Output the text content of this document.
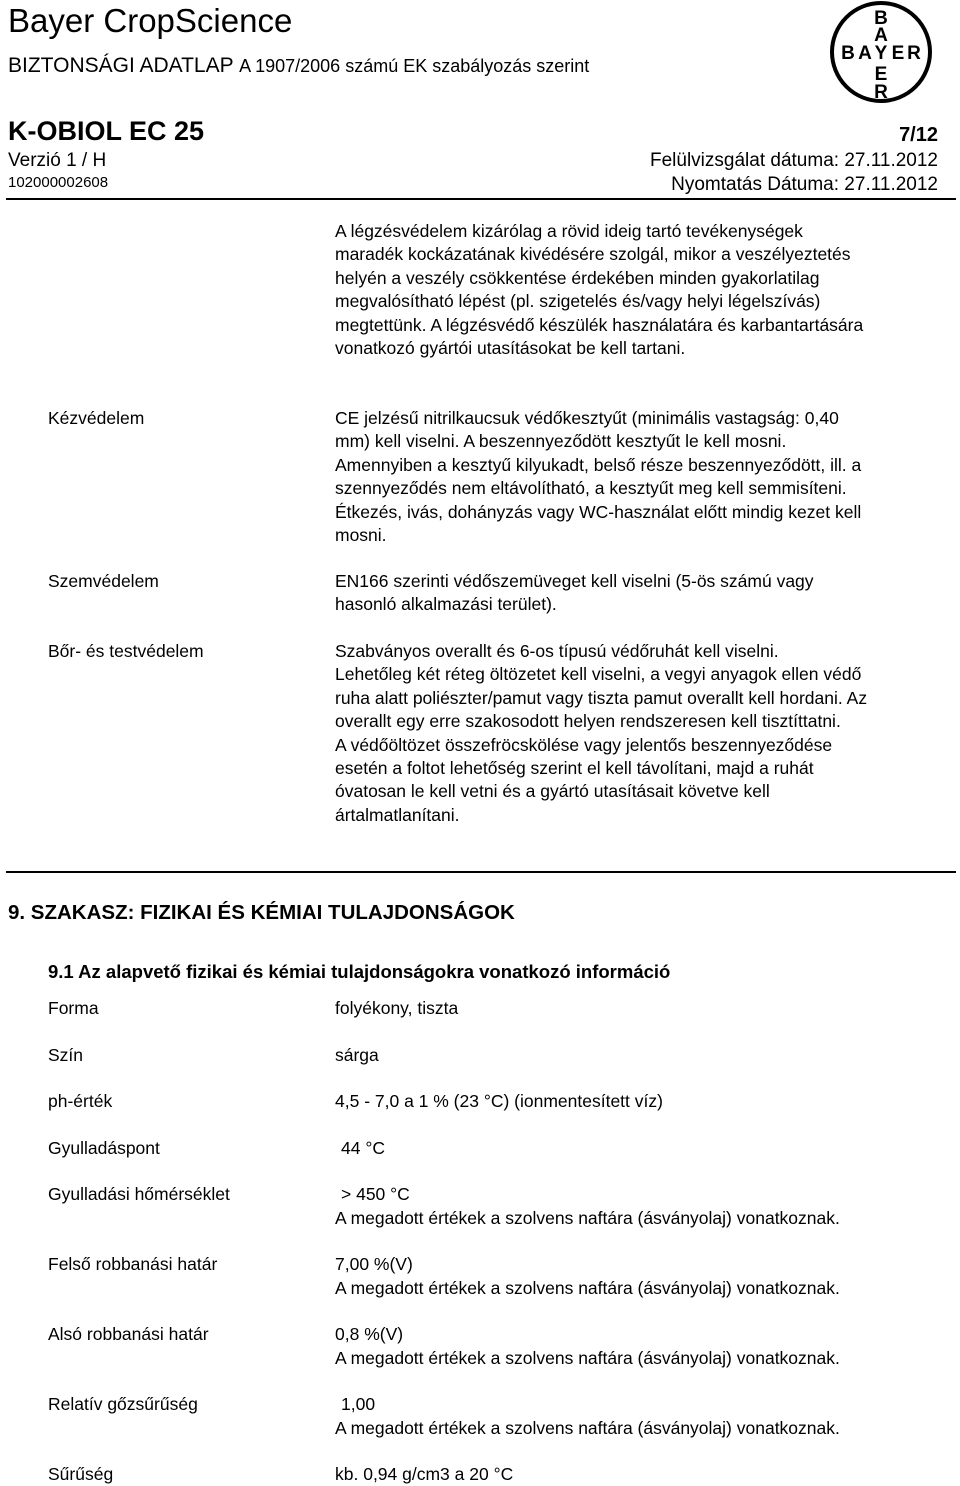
Bayer CropScience
BIZTONSÁGI ADATLAP A 1907/2006 számú EK szabályozás szerint
K-OBIOL EC 25	7/12
Verzió 1 / H	Felülvizsgálat dátuma: 27.11.2012
102000002608	Nyomtatás Dátuma: 27.11.2012
B
A
R
E
B A Y E R
A légzésvédelem kizárólag a rövid ideig tartó tevékenységek
maradék kockázatának kivédésére szolgál, mikor a veszélyeztetés
helyén a veszély csökkentése érdekében minden gyakorlatilag
megvalósítható lépést (pl. szigetelés és/vagy helyi légelszívás)
megtettünk. A légzésvédő készülék használatára és karbantartására
vonatkozó gyártói utasításokat be kell tartani.
Kézvédelem	CE jelzésű nitrilkaucsuk védőkesztyűt (minimális vastagság: 0,40
mm) kell viselni. A beszennyeződött kesztyűt le kell mosni.
Amennyiben a kesztyű kilyukadt, belső része beszennyeződött, ill. a
szennyeződés nem eltávolítható, a kesztyűt meg kell semmisíteni.
Étkezés, ivás, dohányzás vagy WC-használat előtt mindig kezet kell
mosni.
Szemvédelem	EN166 szerinti védőszemüveget kell viselni (5-ös számú vagy
hasonló alkalmazási terület).
Bőr- és testvédelem	Szabványos overallt és 6-os típusú védőruhát kell viselni.
Lehetőleg két réteg öltözetet kell viselni, a vegyi anyagok ellen védő
ruha alatt poliészter/pamut vagy tiszta pamut overallt kell hordani. Az
overallt egy erre szakosodott helyen rendszeresen kell tisztíttatni.
A védőöltözet összefröcskölése vagy jelentős beszennyeződése
esetén a foltot lehetőség szerint el kell távolítani, majd a ruhát
óvatosan le kell vetni és a gyártó utasításait követve kell
ártalmatlanítani.
9. SZAKASZ: FIZIKAI ÉS KÉMIAI TULAJDONSÁGOK
9.1 Az alapvető fizikai és kémiai tulajdonságokra vonatkozó információ
Forma	folyékony, tiszta
Szín	sárga
ph-érték	4,5 - 7,0 a 1 % (23 °C) (ionmentesített víz)
Gyulladáspont	44 °C
Gyulladási hőmérséklet	> 450 °C
A megadott értékek a szolvens naftára (ásványolaj) vonatkoznak.
Felső robbanási határ	7,00 %(V)
A megadott értékek a szolvens naftára (ásványolaj) vonatkoznak.
Alsó robbanási határ	0,8 %(V)
A megadott értékek a szolvens naftára (ásványolaj) vonatkoznak.
Relatív gőzsűrűség	1,00
A megadott értékek a szolvens naftára (ásványolaj) vonatkoznak.
Sűrűség	kb. 0,94 g/cm3 a 20 °C
